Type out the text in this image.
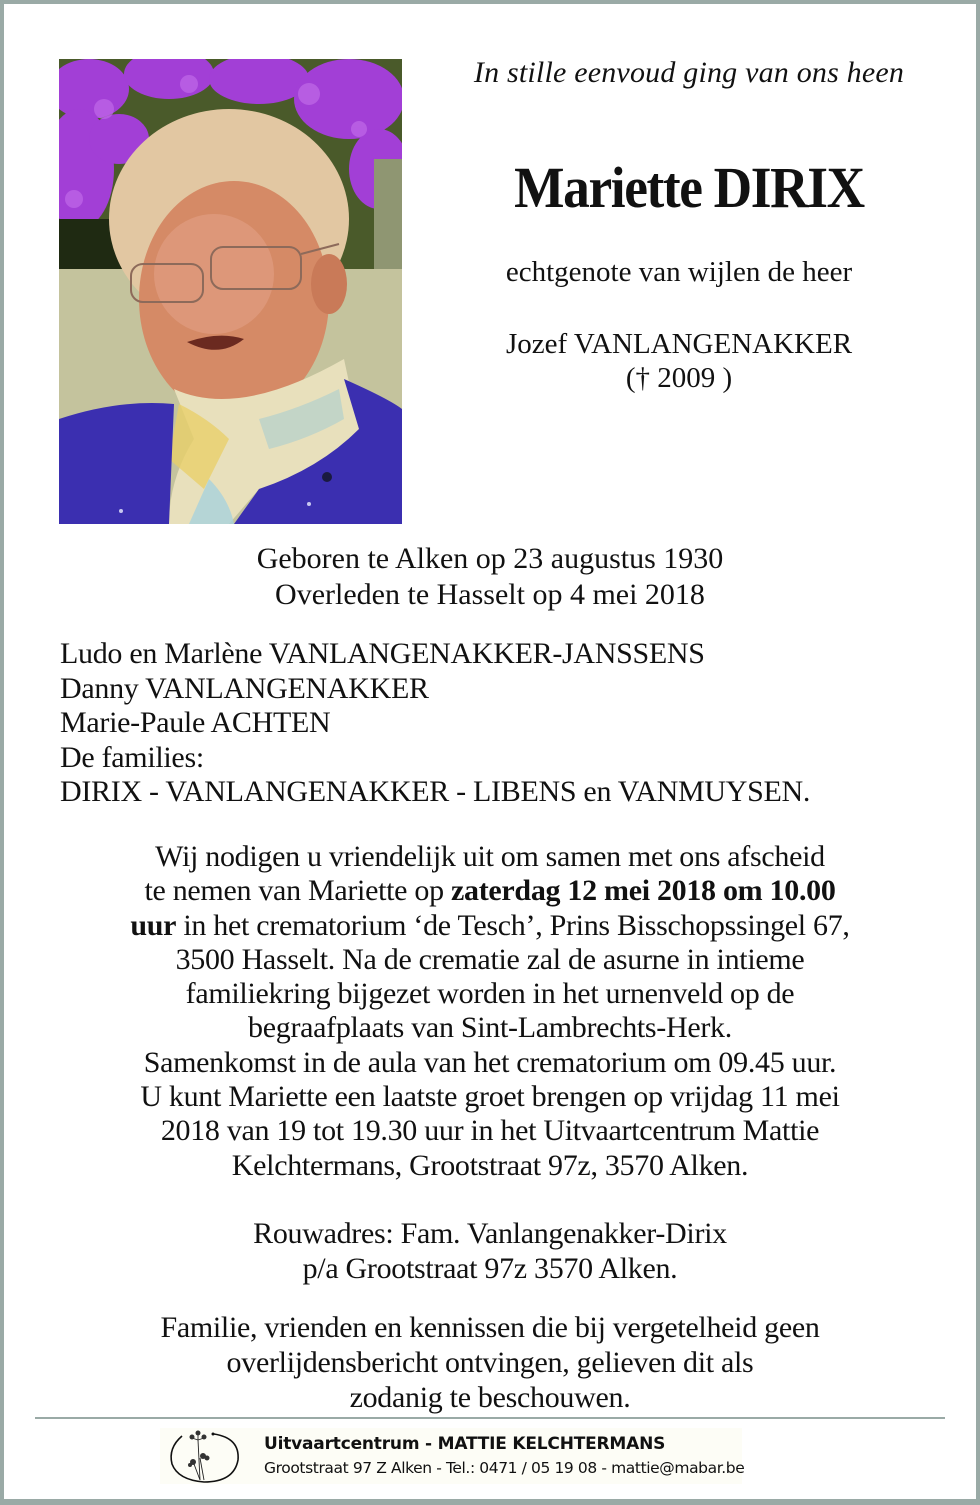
In stille eenvoud ging van ons heen
Mariette DIRIX
echtgenote van wijlen de heer
Jozef VANLANGENAKKER
(† 2009 )
Geboren te Alken op 23 augustus 1930
Overleden te Hasselt op 4 mei 2018
Ludo en Marlène VANLANGENAKKER-JANSSENS
Danny VANLANGENAKKER
Marie-Paule ACHTEN
De families:
DIRIX - VANLANGENAKKER - LIBENS en VANMUYSEN.
Wij nodigen u vriendelijk uit om samen met ons afscheid
te nemen van Mariette op zaterdag 12 mei 2018 om 10.00
uur in het crematorium ‘de Tesch’, Prins Bisschopssingel 67,
3500 Hasselt. Na de crematie zal de asurne in intieme
familiekring bijgezet worden in het urnenveld op de
begraafplaats van Sint-Lambrechts-Herk.
Samenkomst in de aula van het crematorium om 09.45 uur.
U kunt Mariette een laatste groet brengen op vrijdag 11 mei
2018 van 19 tot 19.30 uur in het Uitvaartcentrum Mattie
Kelchtermans, Grootstraat 97z, 3570 Alken.
Rouwadres: Fam. Vanlangenakker-Dirix
p/a Grootstraat 97z 3570 Alken.
Familie, vrienden en kennissen die bij vergetelheid geen
overlijdensbericht ontvingen, gelieven dit als
zodanig te beschouwen.
Uitvaartcentrum - MATTIE KELCHTERMANS
Grootstraat 97 Z Alken - Tel.: 0471 / 05 19 08 - mattie@mabar.be
